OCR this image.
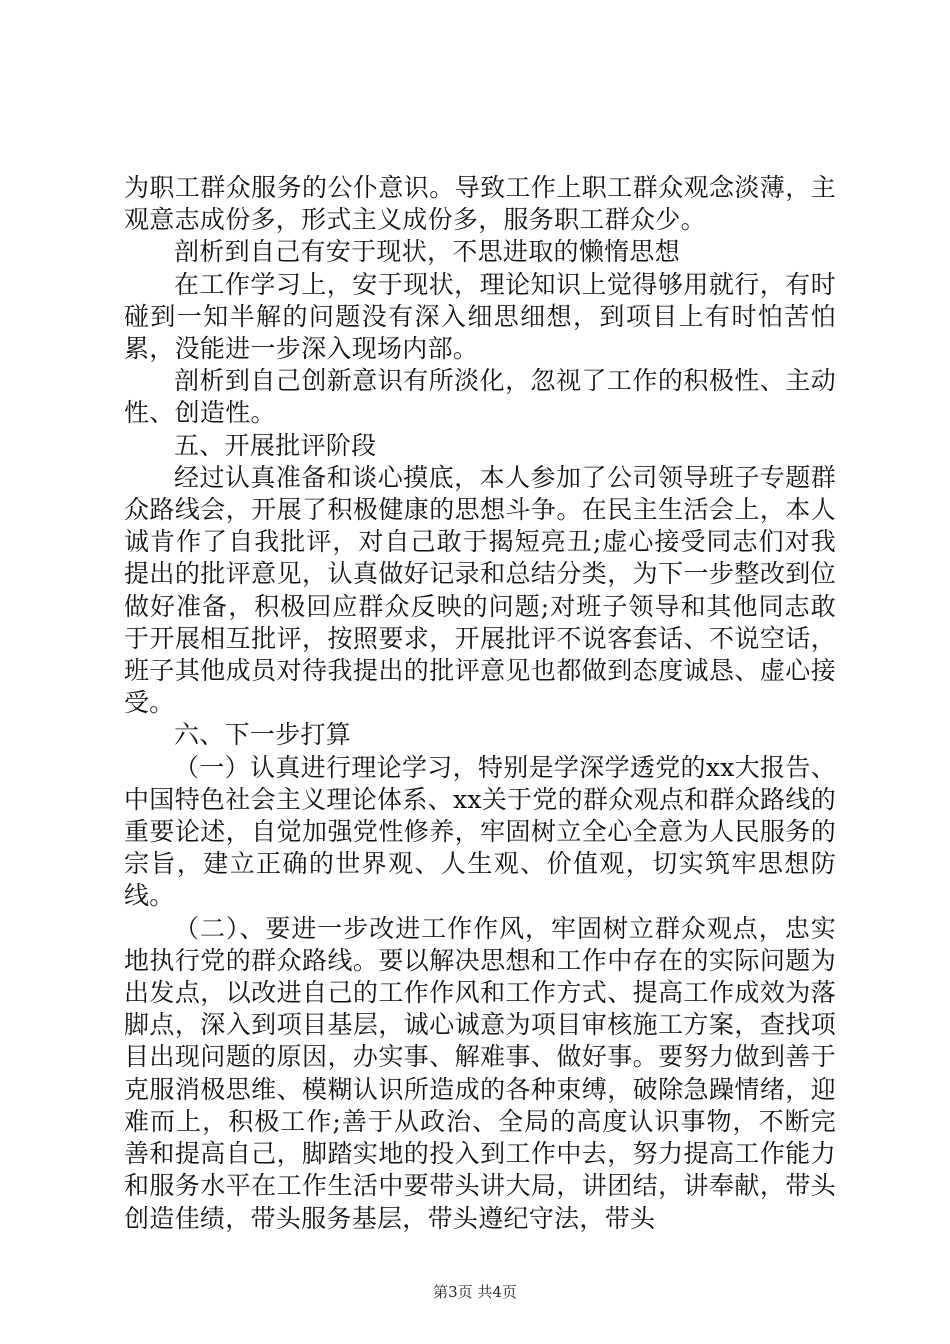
为职工群众服务的公仆意识。导致工作上职工群众观念淡薄，主观意志成份多，形式主义成份多，服务职工群众少。

剖析到自己有安于现状，不思进取的懒惰思想

在工作学习上，安于现状，理论知识上觉得够用就行，有时碰到一知半解的问题没有深入细思细想，到项目上有时怕苦怕累，没能进一步深入现场内部。

剖析到自己创新意识有所淡化，忽视了工作的积极性、主动性、创造性。

五、开展批评阶段

经过认真准备和谈心摸底，本人参加了公司领导班子专题群众路线会，开展了积极健康的思想斗争。在民主生活会上，本人诚肯作了自我批评，对自己敢于揭短亮丑;虚心接受同志们对我提出的批评意见，认真做好记录和总结分类，为下一步整改到位做好准备，积极回应群众反映的问题;对班子领导和其他同志敢于开展相互批评，按照要求，开展批评不说客套话、不说空话，班子其他成员对待我提出的批评意见也都做到态度诚恳、虚心接受。

六、下一步打算

（一）认真进行理论学习，特别是学深学透党的xx大报告、中国特色社会主义理论体系、xx关于党的群众观点和群众路线的重要论述，自觉加强党性修养，牢固树立全心全意为人民服务的宗旨，建立正确的世界观、人生观、价值观，切实筑牢思想防线。

（二）、要进一步改进工作作风，牢固树立群众观点，忠实地执行党的群众路线。要以解决思想和工作中存在的实际问题为出发点，以改进自己的工作作风和工作方式、提高工作成效为落脚点，深入到项目基层，诚心诚意为项目审核施工方案，查找项目出现问题的原因，办实事、解难事、做好事。要努力做到善于克服消极思维、模糊认识所造成的各种束缚，破除急躁情绪，迎难而上，积极工作;善于从政治、全局的高度认识事物，不断完善和提高自己，脚踏实地的投入到工作中去，努力提高工作能力和服务水平在工作生活中要带头讲大局，讲团结，讲奉献，带头创造佳绩，带头服务基层，带头遵纪守法，带头

第3页 共4页
